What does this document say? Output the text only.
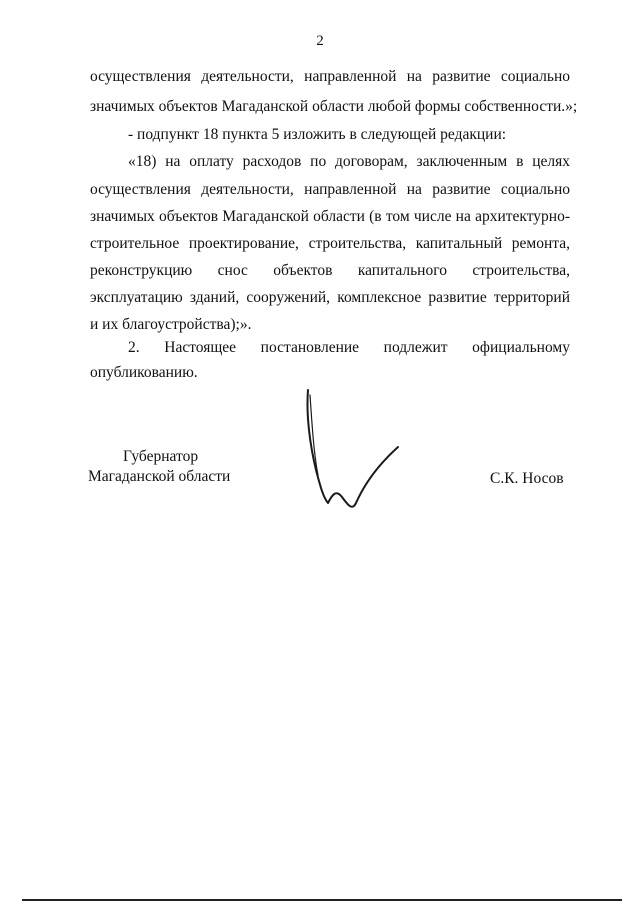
2
осуществления деятельности, направленной на развитие социально
значимых объектов Магаданской области любой формы собственности.»;
- подпункт 18 пункта 5 изложить в следующей редакции:
«18) на оплату расходов по договорам, заключенным в целях
осуществления деятельности, направленной на развитие социально
значимых объектов Магаданской области (в том числе на архитектурно-
строительное проектирование, строительства, капитальный ремонта,
реконструкцию снос объектов капитального строительства,
эксплуатацию зданий, сооружений, комплексное развитие территорий
и их благоустройства);».
2. Настоящее постановление подлежит официальному
опубликованию.
Губернатор
Магаданской области	С.К. Носов
